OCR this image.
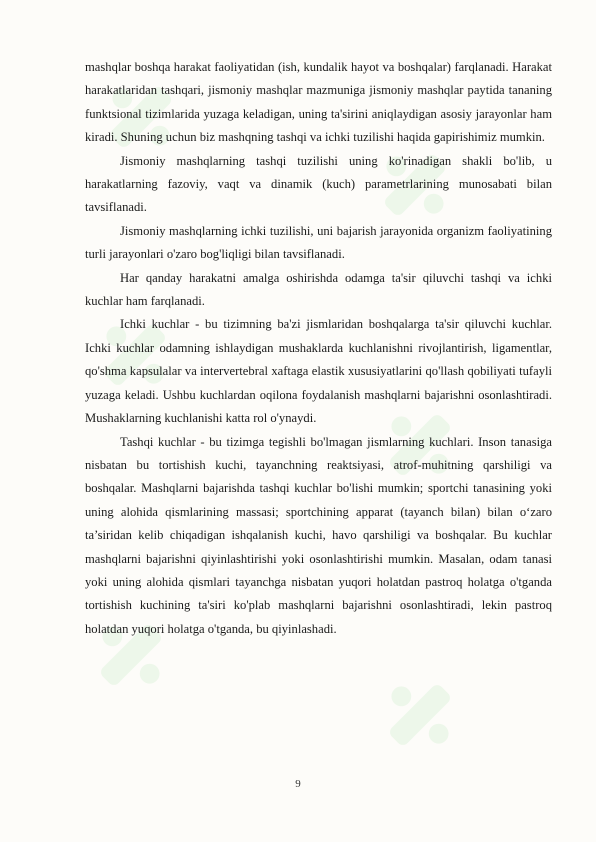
mashqlar boshqa harakat faoliyatidan (ish, kundalik hayot va boshqalar) farqlanadi. Harakat harakatlaridan tashqari, jismoniy mashqlar mazmuniga jismoniy mashqlar paytida tananing funktsional tizimlarida yuzaga keladigan, uning ta'sirini aniqlaydigan asosiy jarayonlar ham kiradi. Shuning uchun biz mashqning tashqi va ichki tuzilishi haqida gapirishimiz mumkin.

Jismoniy mashqlarning tashqi tuzilishi uning ko'rinadigan shakli bo'lib, u harakatlarning fazoviy, vaqt va dinamik (kuch) parametrlarining munosabati bilan tavsiflanadi.

Jismoniy mashqlarning ichki tuzilishi, uni bajarish jarayonida organizm faoliyatining turli jarayonlari o'zaro bog'liqligi bilan tavsiflanadi.

Har qanday harakatni amalga oshirishda odamga ta'sir qiluvchi tashqi va ichki kuchlar ham farqlanadi.

Ichki kuchlar - bu tizimning ba'zi jismlaridan boshqalarga ta'sir qiluvchi kuchlar. Ichki kuchlar odamning ishlaydigan mushaklarda kuchlanishni rivojlantirish, ligamentlar, qo'shma kapsulalar va intervertebral xaftaga elastik xususiyatlarini qo'llash qobiliyati tufayli yuzaga keladi. Ushbu kuchlardan oqilona foydalanish mashqlarni bajarishni osonlashtiradi. Mushaklarning kuchlanishi katta rol o'ynaydi.

Tashqi kuchlar - bu tizimga tegishli bo'lmagan jismlarning kuchlari. Inson tanasiga nisbatan bu tortishish kuchi, tayanchning reaktsiyasi, atrof-muhitning qarshiligi va boshqalar. Mashqlarni bajarishda tashqi kuchlar bo'lishi mumkin; sportchi tanasining yoki uning alohida qismlarining massasi; sportchining apparat (tayanch bilan) bilan o‘zaro ta’siridan kelib chiqadigan ishqalanish kuchi, havo qarshiligi va boshqalar. Bu kuchlar mashqlarni bajarishni qiyinlashtirishi yoki osonlashtirishi mumkin. Masalan, odam tanasi yoki uning alohida qismlari tayanchga nisbatan yuqori holatdan pastroq holatga o'tganda tortishish kuchining ta'siri ko'plab mashqlarni bajarishni osonlashtiradi, lekin pastroq holatdan yuqori holatga o'tganda, bu qiyinlashadi.

9
